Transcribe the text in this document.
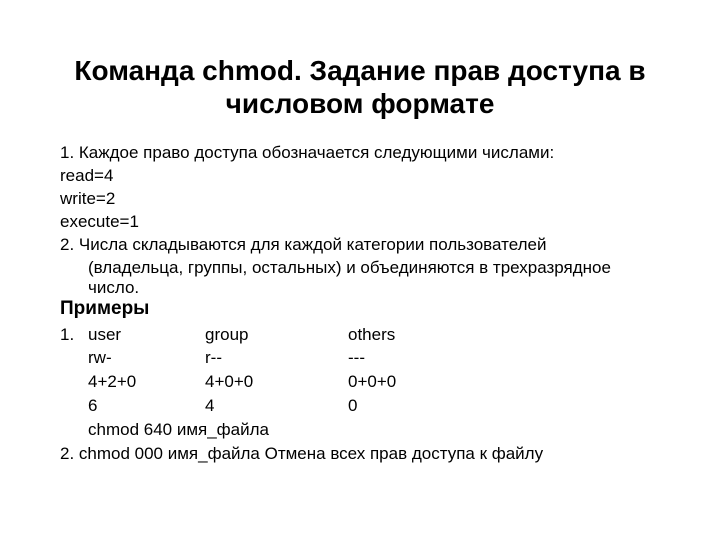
Команда chmod. Задание прав доступа в
числовом формате
1. Каждое право доступа обозначается следующими числами:
read=4
write=2
execute=1
2. Числа складываются для каждой категории пользователей
(владельца, группы, остальных) и объединяются в трехразрядное
число.
Примеры
1. user	group	others
rw-	r--	---
4+2+0	4+0+0	0+0+0
6	4	0
chmod 640 имя_файла
2. chmod 000 имя_файла Отмена всех прав доступа к файлу
